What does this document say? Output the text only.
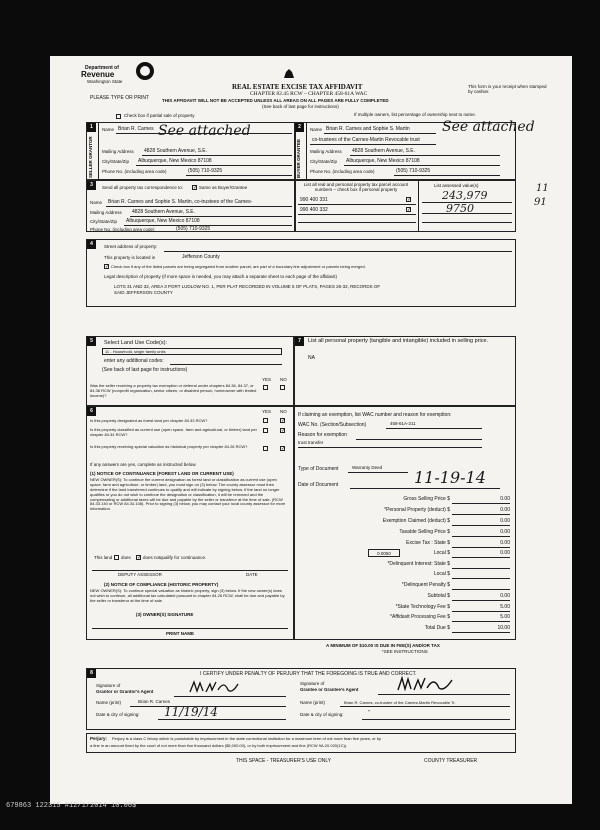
Department of
Revenue
Washington State
PLEASE TYPE OR PRINT
REAL ESTATE EXCISE TAX AFFIDAVIT
CHAPTER 82.45 RCW – CHAPTER 458-61A WAC
THIS AFFIDAVIT WILL NOT BE ACCEPTED UNLESS ALL AREAS ON ALL PAGES ARE FULLY COMPLETED
(See back of last page for instructions)
This form is your receipt when stamped by cashier.
Check box if partial sale of property	If multiple owners, list percentage of ownership next to name.
1
SELLER GRANTOR
Name Brian R. Carnes See attached
Mailing Address 4828 Southern Avenue, S.E.
City/State/Zip Albuquerque, New Mexico 87108
Phone No. (including area code)	(505) 710-9325
2
BUYER GRANTEE
Name Brian R. Carnes and Sophie S. Martin See attached
co-trustees of the Carnes-Martin Revocable trust
Mailing Address 4828 Southern Avenue, S.E.
City/State/Zip Albuquerque, New Mexico 87108
Phone No. (including area code)	(505) 710-9325
3	Send all property tax correspondence to: ✓ Same as Buyer/Grantee
Name Brian R. Carnes and Sophie S. Martin, co-trustees of the Carnes-
Mailing Address 4828 Southern Avenue, S.E.
City/State/Zip Albuquerque, New Mexico 87108
Phone No. (including area code)	(505) 710-9325
List all real and personal property tax parcel account numbers – check box if personal property
List assessed value(s)
990 400 331	✓	243,979
990 400 332	✓	9750
11
91
4	Street address of property:
This property is located in	Jefferson County
✓ Check box if any of the listed parcels are being segregated from another parcel, are part of a boundary line adjustment or parcels being merged.
Legal description of property (if more space is needed, you may attach a separate sheet to each page of the affidavit)
LOTS 31 AND 32, AREA 3 PORT LUDLOW NO. 1, PER PLAT RECORDED IN VOLUME 5 OF PLATS, PAGES 26-32, RECORDS OF
SAID JEFFERSON COUNTY
5	Select Land Use Code(s):
11 - Household, single family units
enter any additional codes:
(See back of last page for instructions)
YES NO
Was the seller receiving a property tax exemption or deferral under chapters 84.36, 84.37, or 84.38 RCW (nonprofit organization, senior citizen, or disabled person, homeowner with limited income)?
7	List all personal property (tangible and intangible) included in selling price.
NA
6	YES NO
Is this property designated as forest land per chapter 84.33 RCW?	✓
Is this property classified as current use (open space, farm and agricultural, or timber) land per chapter 84.34 RCW?
✓
Is this property receiving special valuation as historical property per chapter 84.26 RCW?	✓
If any answers are yes, complete as instructed below.
(1) NOTICE OF CONTINUANCE (FOREST LAND OR CURRENT USE)
NEW OWNER(S): To continue the current designation as forest land or classification as current use (open space, farm and agriculture, or timber) land, you must sign on (3) below. The county assessor must then determine if the land transferred continues to qualify and will indicate by signing below. If the land no longer qualifies or you do not wish to continue the designation or classification, it will be removed and the compensating or additional taxes will be due and payable by the seller or transferor at the time of sale. (RCW 84.33.140 or RCW 84.34.108). Prior to signing (3) below, you may contact your local county assessor for more information.
This land does ✓ does not qualify for continuance.
DEPUTY ASSESSOR	DATE
(2) NOTICE OF COMPLIANCE (HISTORIC PROPERTY)
NEW OWNER(S): To continue special valuation as historic property, sign (3) below. If the new owner(s) does not wish to continue, all additional tax calculated pursuant to chapter 84.26 RCW, shall be due and payable by the seller or transferor at the time of sale.
(3) OWNER(S) SIGNATURE
PRINT NAME
If claiming an exemption, list WAC number and reason for exemption:
WAC No. (Section/Subsection)	458-61A-211
Reason for exemption
trust transfer
Type of Document	Warranty Deed
Date of Document	11-19-14
Gross Selling Price $	0.00
*Personal Property (deduct) $	0.00
Exemption Claimed (deduct) $	0.00
Taxable Selling Price $	0.00
Excise Tax : State $	0.00
0.0050	Local $	0.00
*Delinquent Interest: State $
Local $
*Delinquent Penalty $
Subtotal $	0.00
*State Technology Fee $	5.00
*Affidavit Processing Fee $	5.00
Total Due $	10.00
A MINIMUM OF $10.00 IS DUE IN FEE(S) AND/OR TAX
*SEE INSTRUCTIONS
8	I CERTIFY UNDER PENALTY OF PERJURY THAT THE FOREGOING IS TRUE AND CORRECT.
Signature of
Grantor or Grantor's Agent
Name (print)	Brian R. Carnes
Date & city of signing: 11/19/14
Signature of
Grantee or Grantee's Agent
Name (print)	Brian R. Carnes, co-trustee of the Carnes-Martin Revocable Tr.
Date & city of signing:	"
Perjury: Perjury is a class C felony which is punishable by imprisonment in the state correctional institution for a maximum term of not more than five years, or by
a fine in an amount fixed by the court of not more than five thousand dollars ($5,000.00), or by both imprisonment and fine (RCW 9A.20.020(1C)).
THIS SPACE - TREASURER'S USE ONLY	COUNTY TREASURER
679863 122315 #12/1/2014 10.00$
